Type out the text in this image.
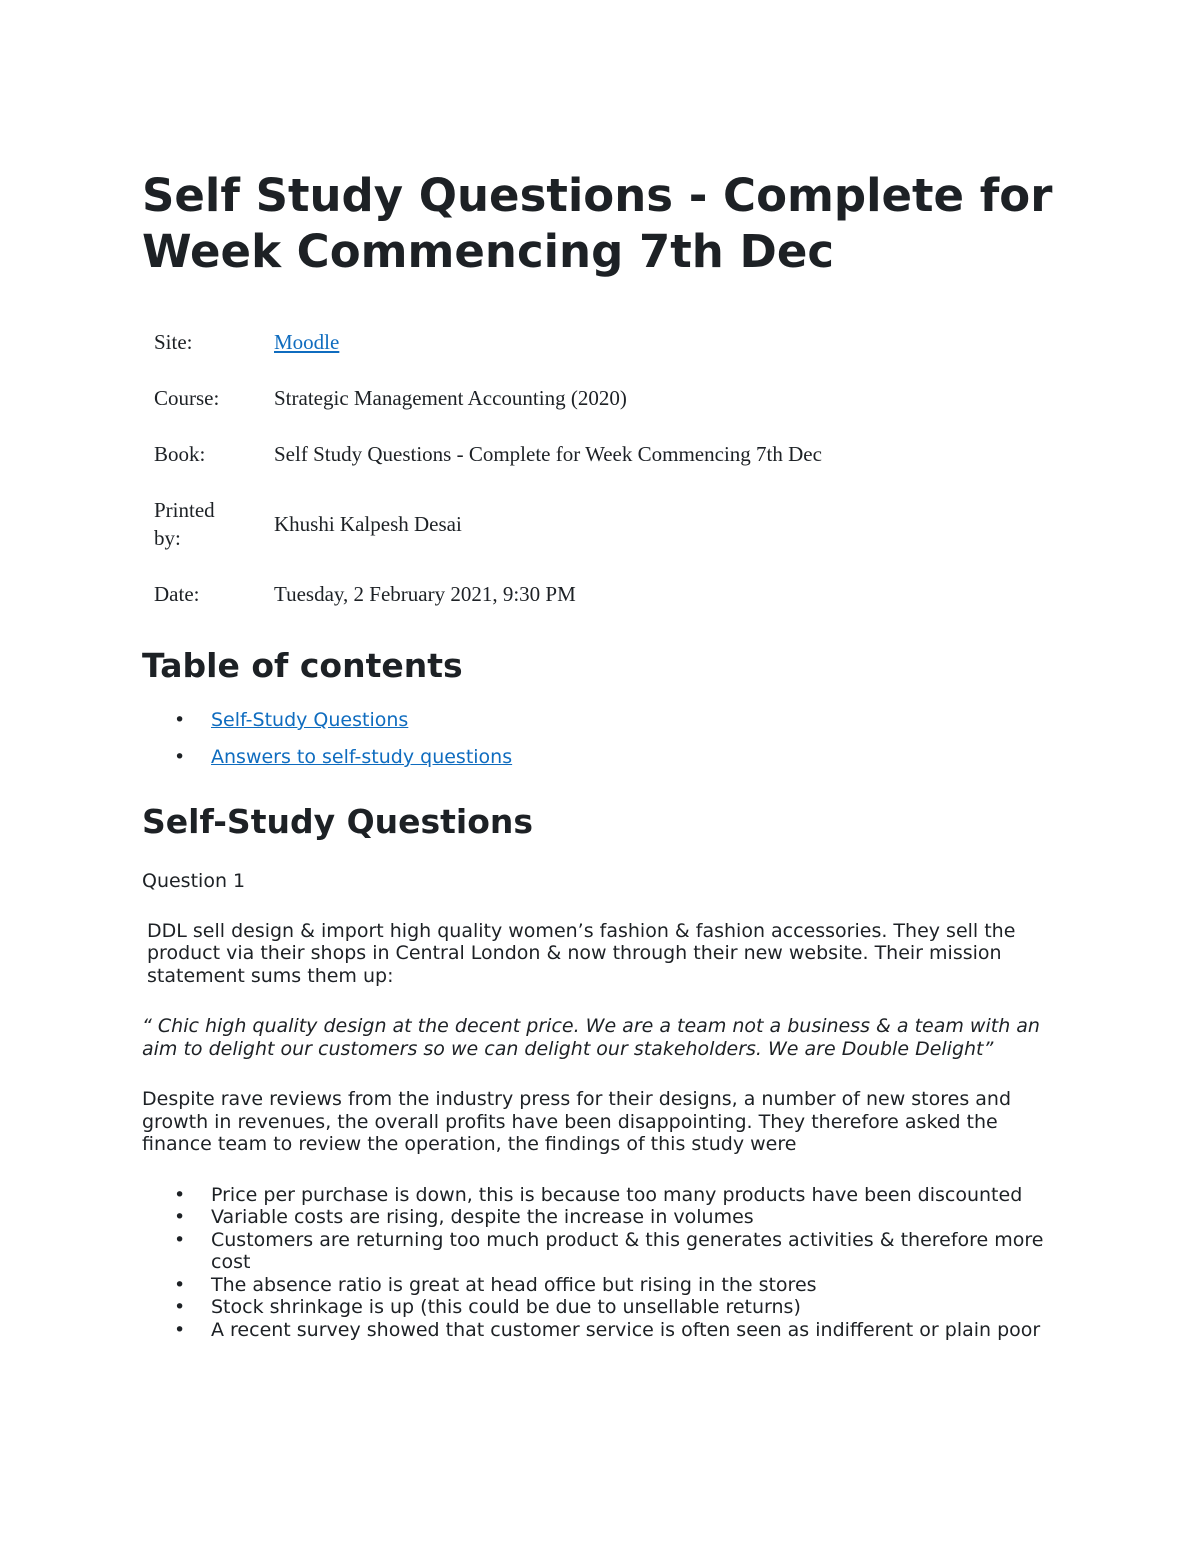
Self Study Questions - Complete for Week Commencing 7th Dec
Site:	Moodle
Course:	Strategic Management Accounting (2020)
Book:	Self Study Questions - Complete for Week Commencing 7th Dec
Printed by:	Khushi Kalpesh Desai
Date:	Tuesday, 2 February 2021, 9:30 PM
Table of contents
• Self-Study Questions
• Answers to self-study questions
Self-Study Questions

Question 1

DDL sell design & import high quality women’s fashion & fashion accessories. They sell the product via their shops in Central London & now through their new website. Their mission statement sums them up:

“ Chic high quality design at the decent price. We are a team not a business & a team with an aim to delight our customers so we can delight our stakeholders. We are Double Delight”

Despite rave reviews from the industry press for their designs, a number of new stores and growth in revenues, the overall profits have been disappointing. They therefore asked the finance team to review the operation, the findings of this study were

• Price per purchase is down, this is because too many products have been discounted
• Variable costs are rising, despite the increase in volumes
• Customers are returning too much product & this generates activities & therefore more cost
• The absence ratio is great at head office but rising in the stores
• Stock shrinkage is up (this could be due to unsellable returns)
• A recent survey showed that customer service is often seen as indifferent or plain poor
